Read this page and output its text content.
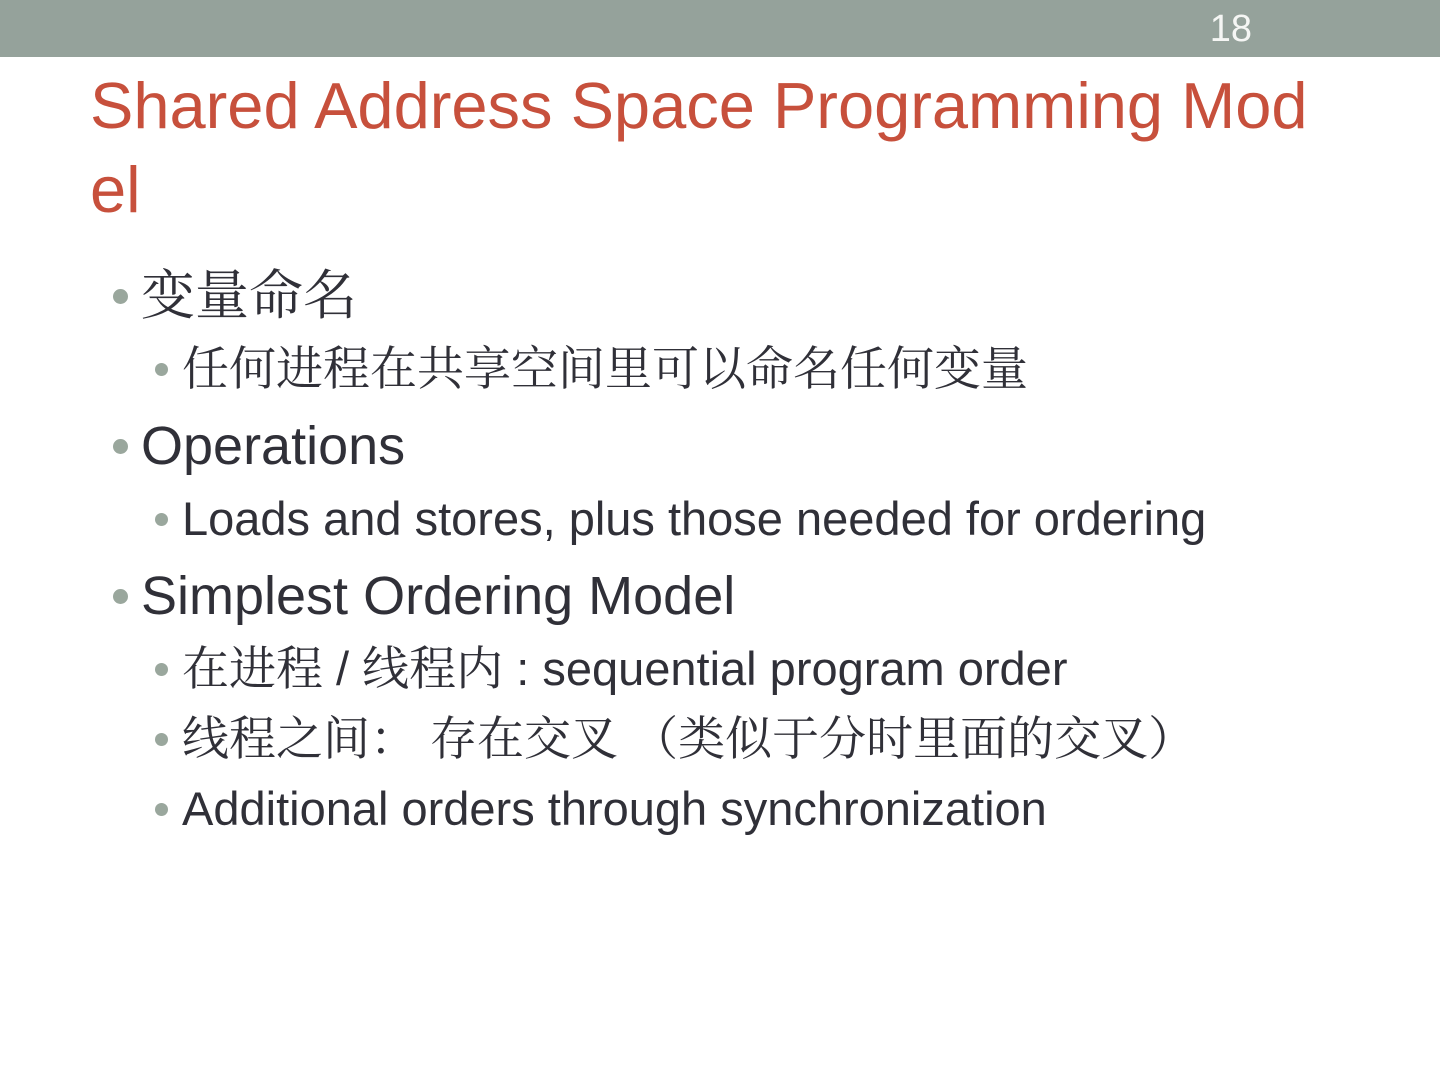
18
Shared Address Space Programming Mod
el
变量命名
任何进程在共享空间里可以命名任何变量
Operations
Loads and stores, plus those needed for ordering
Simplest Ordering Model
在进程 / 线程内 : sequential program order
线程之间： 存在交叉 （类似于分时里面的交叉）
Additional orders through synchronization
